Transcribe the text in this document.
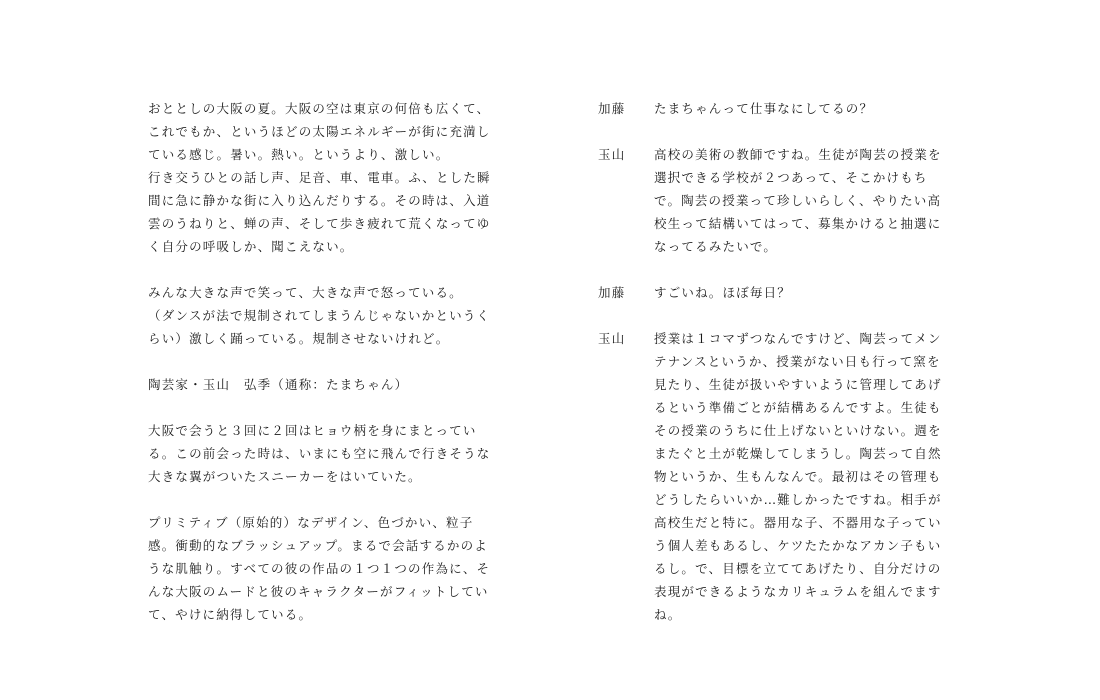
おととしの大阪の夏。大阪の空は東京の何倍も広くて、これでもか、というほどの太陽エネルギーが街に充満している感じ。暑い。熱い。というより、激しい。

行き交うひとの話し声、足音、車、電車。ふ、とした瞬間に急に静かな街に入り込んだりする。その時は、入道雲のうねりと、蝉の声、そして歩き疲れて荒くなってゆく自分の呼吸しか、聞こえない。

みんな大きな声で笑って、大きな声で怒っている。

（ダンスが法で規制されてしまうんじゃないかというくらい）激しく踊っている。規制させないけれど。

陶芸家・玉山　弘季（通称：たまちゃん）

大阪で会うと３回に２回はヒョウ柄を身にまとっている。この前会った時は、いまにも空に飛んで行きそうな大きな翼がついたスニーカーをはいていた。

プリミティブ（原始的）なデザイン、色づかい、粒子感。衝動的なブラッシュアップ。まるで会話するかのような肌触り。すべての彼の作品の１つ１つの作為に、そんな大阪のムードと彼のキャラクターがフィットしていて、やけに納得している。

加藤	たまちゃんって仕事なにしてるの？
玉山	高校の美術の教師ですね。生徒が陶芸の授業を選択できる学校が２つあって、そこかけもちで。陶芸の授業って珍しいらしく、やりたい高校生って結構いてはって、募集かけると抽選になってるみたいで。
加藤	すごいね。ほぼ毎日？
玉山	授業は１コマずつなんですけど、陶芸ってメンテナンスというか、授業がない日も行って窯を見たり、生徒が扱いやすいように管理してあげるという準備ごとが結構あるんですよ。生徒もその授業のうちに仕上げないといけない。週をまたぐと土が乾燥してしまうし。陶芸って自然物というか、生もんなんで。最初はその管理もどうしたらいいか…難しかったですね。相手が高校生だと特に。器用な子、不器用な子っていう個人差もあるし、ケツたたかなアカン子もいるし。で、目標を立ててあげたり、自分だけの表現ができるようなカリキュラムを組んでますね。
